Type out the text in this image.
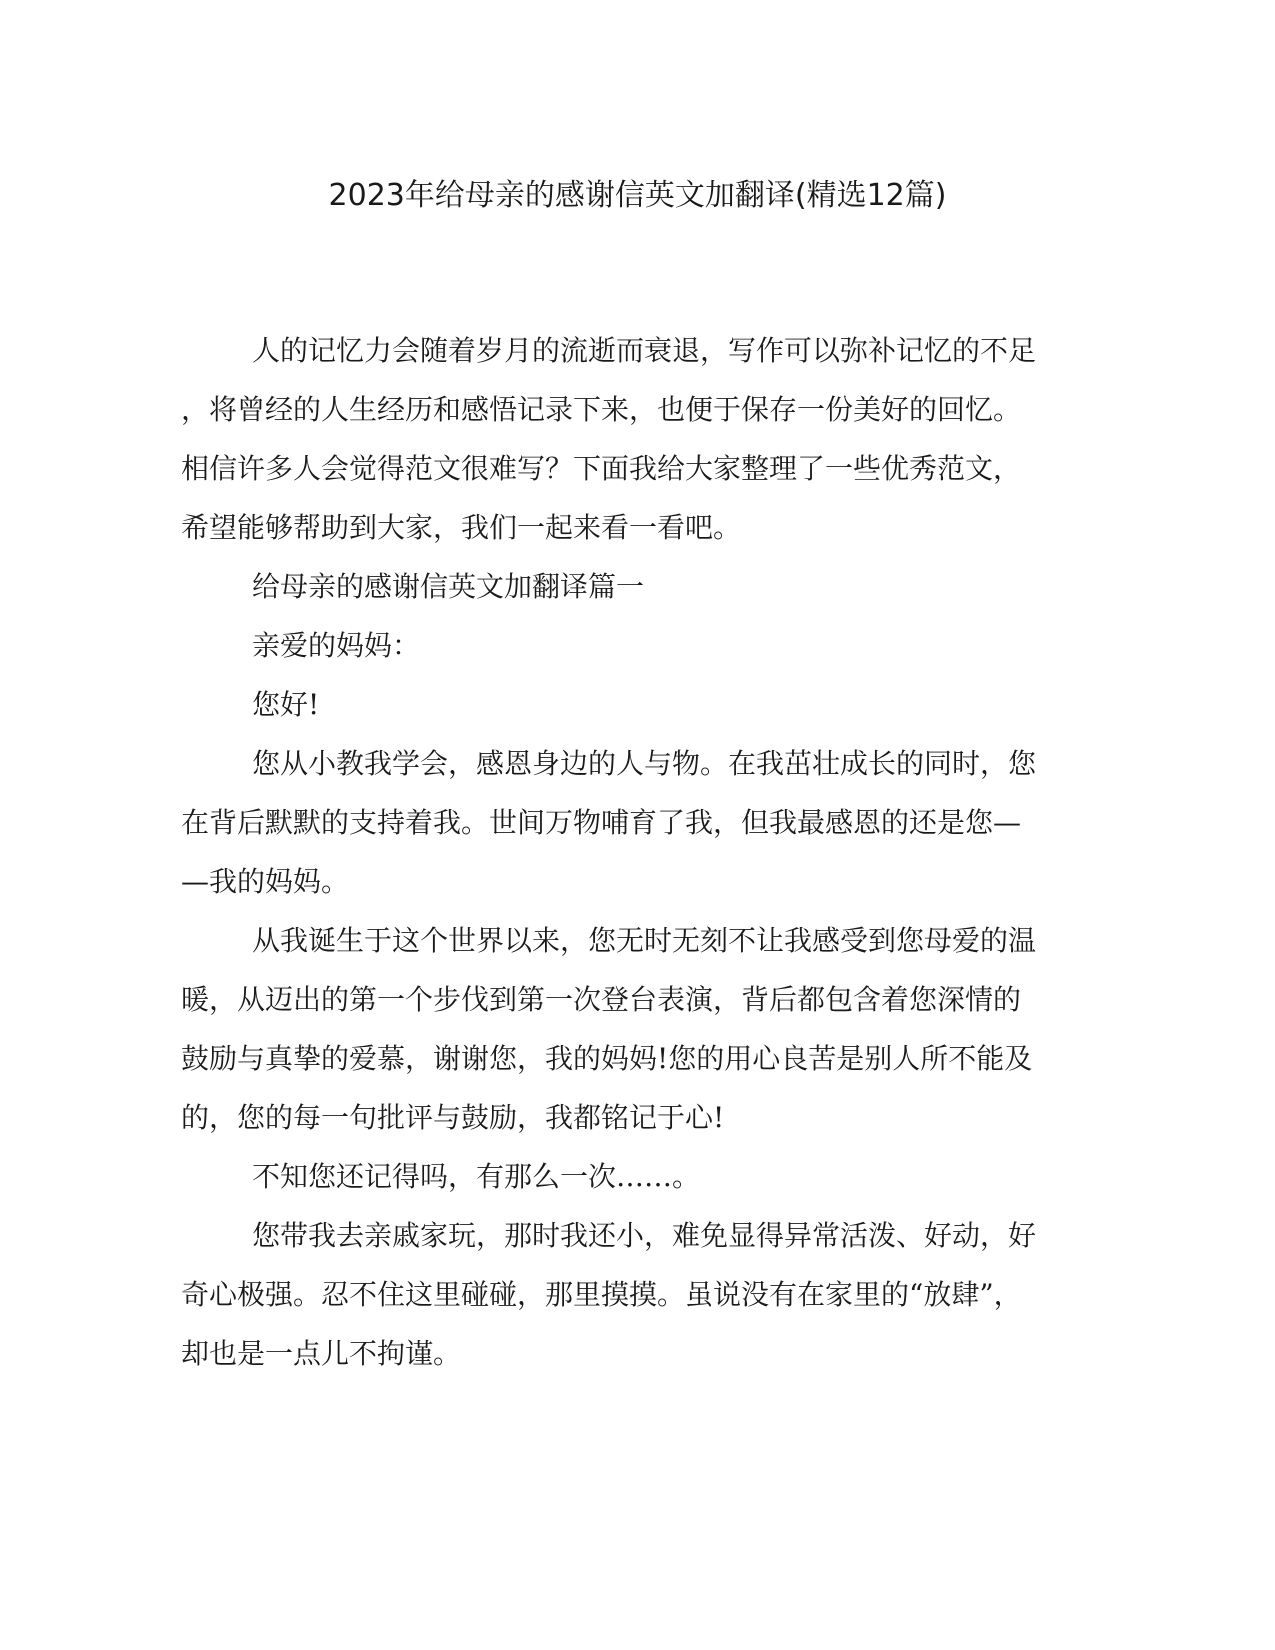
2023年给母亲的感谢信英文加翻译(精选12篇)
人的记忆力会随着岁月的流逝而衰退，写作可以弥补记忆的不足
，将曾经的人生经历和感悟记录下来，也便于保存一份美好的回忆。
相信许多人会觉得范文很难写？下面我给大家整理了一些优秀范文，
希望能够帮助到大家，我们一起来看一看吧。
给母亲的感谢信英文加翻译篇一
亲爱的妈妈：
您好!
您从小教我学会，感恩身边的人与物。在我茁壮成长的同时，您
在背后默默的支持着我。世间万物哺育了我，但我最感恩的还是您—
—我的妈妈。
从我诞生于这个世界以来，您无时无刻不让我感受到您母爱的温
暖，从迈出的第一个步伐到第一次登台表演，背后都包含着您深情的
鼓励与真挚的爱慕，谢谢您，我的妈妈!您的用心良苦是别人所不能及
的，您的每一句批评与鼓励，我都铭记于心!
不知您还记得吗，有那么一次……。
您带我去亲戚家玩，那时我还小，难免显得异常活泼、好动，好
奇心极强。忍不住这里碰碰，那里摸摸。虽说没有在家里的“放肆”，
却也是一点儿不拘谨。
